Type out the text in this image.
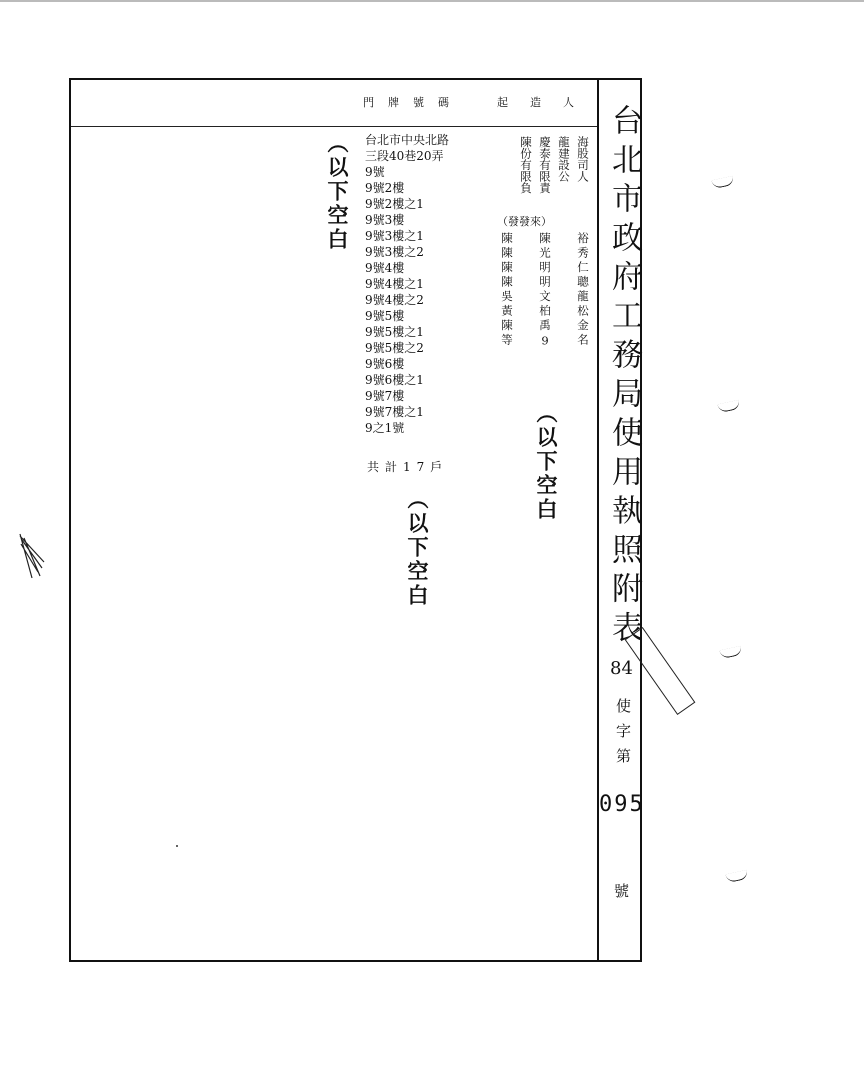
台北市政府工務局使用執照附表
門牌號碼	起造人
海股司人
龍建設公
慶泰有限責
陳份有限負
（發發來）
裕秀仁聰龍松金名
陳光明明文柏禹9
陳陳陳陳吳黃陳等
台北市中央北路
三段40巷20弄
9號
9號2樓
9號2樓之1
9號3樓
9號3樓之1
9號3樓之2
9號4樓
9號4樓之1
9號4樓之2
9號5樓
9號5樓之1
9號5樓之2
9號6樓
9號6樓之1
9號7樓
9號7樓之1
9之1號
共計17戶
（以下空白
（以下空白
（以下空白
84
使字第
095
號
